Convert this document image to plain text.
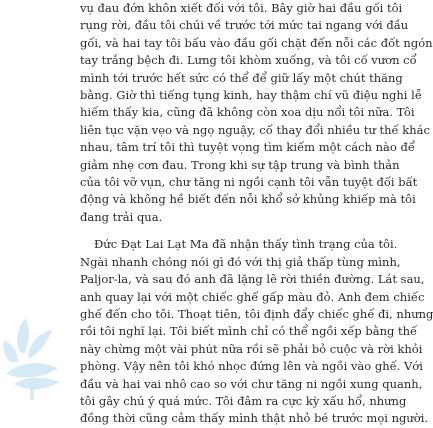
vụ đau đớn khôn xiết đối với tôi. Bây giờ hai đầu gối tôi
rụng rời, đầu tôi chúi về trước tới mức tai ngang với đầu
gối, và hai tay tôi bấu vào đầu gối chặt đến nỗi các đốt ngón
tay trắng bệch đi. Lưng tôi khòm xuống, và tôi cố vươn cổ
mình tới trước hết sức có thể để giữ lấy một chút thăng
bằng. Giờ thì tiếng tụng kinh, hay thậm chí vũ điệu nghi lễ
hiếm thấy kia, cũng đã không còn xoa dịu nổi tôi nữa. Tôi
liên tục vặn vẹo và ngọ nguậy, cố thay đổi nhiều tư thế khác
nhau, tâm trí tôi thì tuyệt vọng tìm kiếm một cách nào để
giảm nhẹ cơn đau. Trong khi sự tập trung và bình thản
của tôi vỡ vụn, chư tăng ni ngồi cạnh tôi vẫn tuyệt đối bất
động và không hề biết đến nỗi khổ sở khủng khiếp mà tôi
đang trải qua.
Đức Đạt Lai Lạt Ma đã nhận thấy tình trạng của tôi.
Ngài nhanh chóng nói gì đó với thị giả thấp tùng mình,
Paljor-la, và sau đó anh đã lặng lẽ rời thiền đường. Lát sau,
anh quay lại với một chiếc ghế gấp màu đỏ. Anh đem chiếc
ghế đến cho tôi. Thoạt tiên, tôi định đẩy chiếc ghế đi, nhưng
rồi tôi nghĩ lại. Tôi biết mình chỉ có thể ngồi xếp bằng thế
này chừng một vài phút nữa rồi sẽ phải bỏ cuộc và rời khỏi
phòng. Vậy nên tôi khó nhọc đứng lên và ngồi vào ghế. Với
đầu và hai vai nhô cao so với chư tăng ni ngồi xung quanh,
tôi gây chú ý quá mức. Tôi đâm ra cực kỳ xấu hổ, nhưng
đồng thời cũng cảm thấy mình thật nhỏ bé trước mọi người.
